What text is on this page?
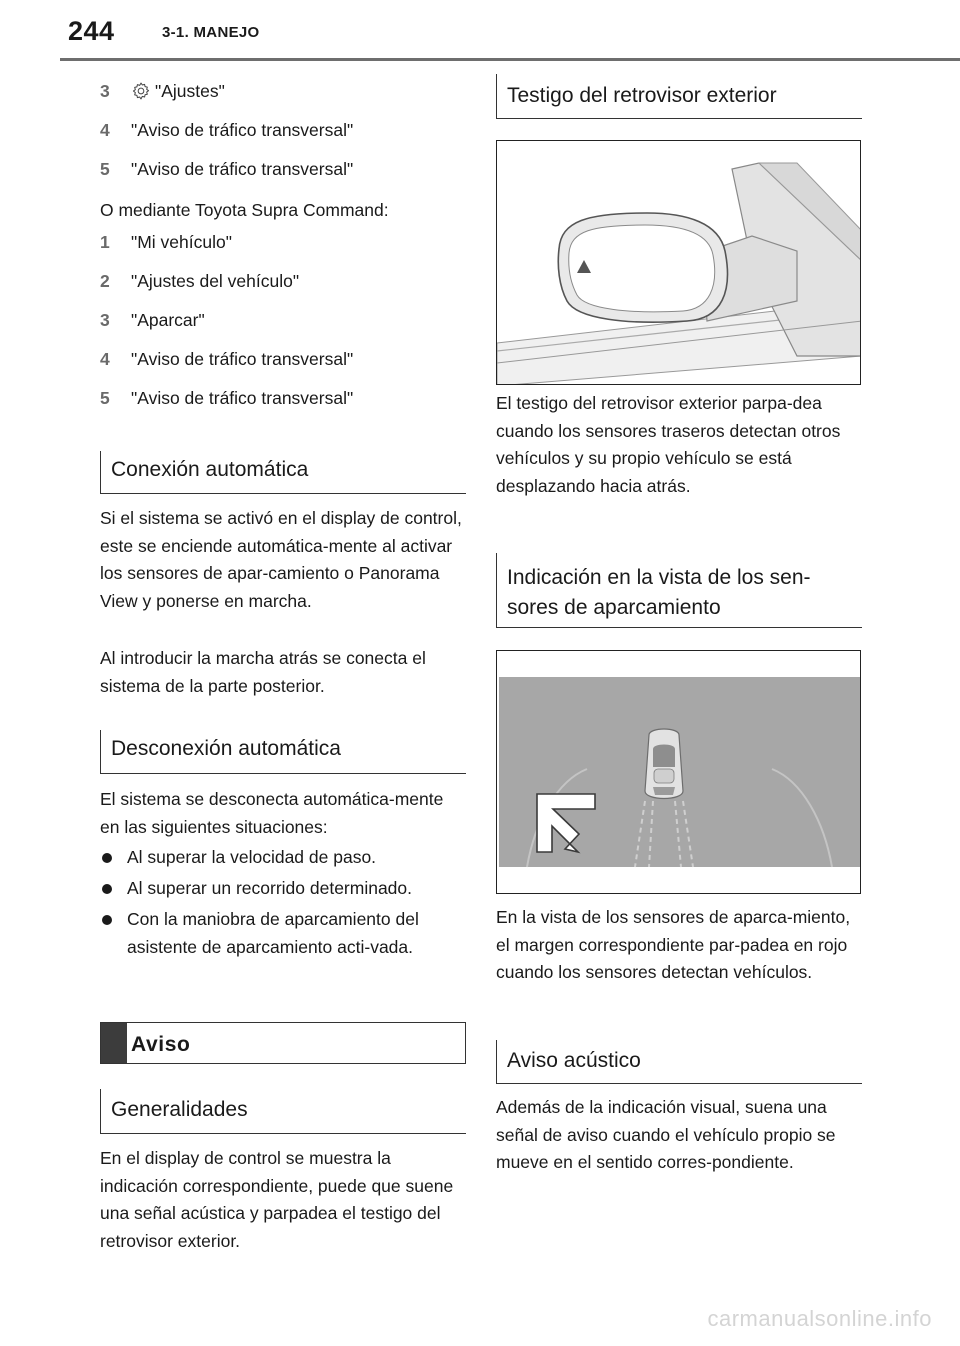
244	3-1. MANEJO
3	"Ajustes"
4	"Aviso de tráfico transversal"
5	"Aviso de tráfico transversal"
O mediante Toyota Supra Command:
1	"Mi vehículo"
2	"Ajustes del vehículo"
3	"Aparcar"
4	"Aviso de tráfico transversal"
5	"Aviso de tráfico transversal"
Conexión automática

Si el sistema se activó en el display de control, este se enciende automática-mente al activar los sensores de apar-camiento o Panorama View y ponerse en marcha.

Al introducir la marcha atrás se conecta el sistema de la parte posterior.

Desconexión automática

El sistema se desconecta automática-mente en las siguientes situaciones:

Al superar la velocidad de paso.
Al superar un recorrido determinado.
Con la maniobra de aparcamiento del asistente de aparcamiento acti-vada.
Aviso
Generalidades

En el display de control se muestra la indicación correspondiente, puede que suene una señal acústica y parpadea el testigo del retrovisor exterior.

Testigo del retrovisor exterior

El testigo del retrovisor exterior parpa-dea cuando los sensores traseros detectan otros vehículos y su propio vehículo se está desplazando hacia atrás.

Indicación en la vista de los sen-sores de aparcamiento

En la vista de los sensores de aparca-miento, el margen correspondiente par-padea en rojo cuando los sensores detectan vehículos.

Aviso acústico

Además de la indicación visual, suena una señal de aviso cuando el vehículo propio se mueve en el sentido corres-pondiente.

carmanualsonline.info
